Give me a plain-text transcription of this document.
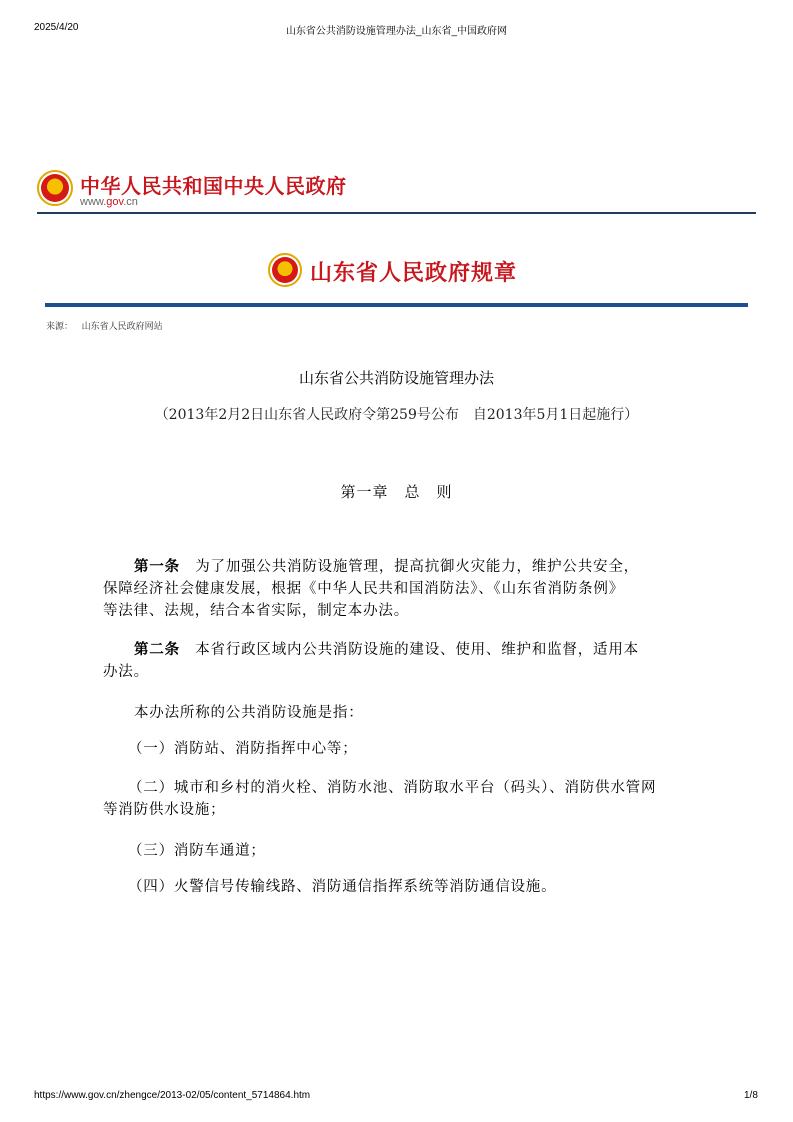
2025/4/20	山东省公共消防设施管理办法_山东省_中国政府网
★
中华人民共和国中央人民政府
www.gov.cn
★
山东省人民政府规章
来源： 山东省人民政府网站
山东省公共消防设施管理办法
（2013年2月2日山东省人民政府令第259号公布　自2013年5月1日起施行）
第一章　总　则
第一条　 为了加强公共消防设施管理，提高抗御火灾能力，维护公共安全，
保障经济社会健康发展，根据《中华人民共和国消防法》、《山东省消防条例》
等法律、法规，结合本省实际，制定本办法。
第二条　 本省行政区域内公共消防设施的建设、使用、维护和监督，适用本
办法。
本办法所称的公共消防设施是指：
（一）消防站、消防指挥中心等；
（二）城市和乡村的消火栓、消防水池、消防取水平台（码头）、消防供水管网
等消防供水设施；
（三）消防车通道；
（四）火警信号传输线路、消防通信指挥系统等消防通信设施。
https://www.gov.cn/zhengce/2013-02/05/content_5714864.htm	1/8
